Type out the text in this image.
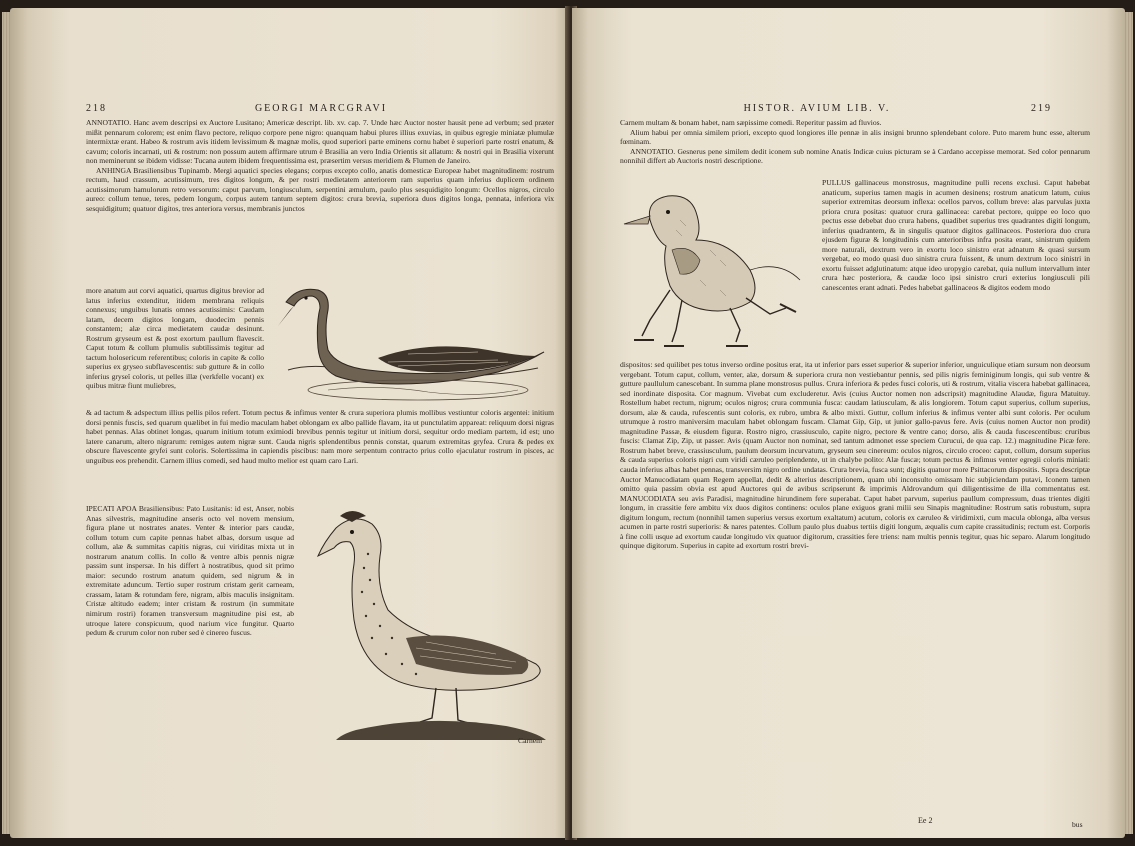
218	GEORGI MARCGRAVI

ANNOTATIO. Hanc avem descripsi ex Auctore Lusitano; Americæ descript. lib. xv. cap. 7. Unde hæc Auctor noster hausit pene ad verbum; sed præter mißit pennarum colorem; est enim flavo pectore, reliquo corpore pene nigro: quanquam habui plures illius exuvias, in quibus egregie miniatæ plumulæ intermixtæ erant. Habeo & rostrum avis itidem levissimum & magnæ molis, quod superiori parte eminens cornu habet è superiori parte rostri enatum, & cavum; coloris incarnati, uti & rostrum: non possum autem affirmare utrum è Brasilia an vero India Orientis sit allatum: & nostri qui in Brasilia vixerunt non meminerunt se ibidem vidisse: Tucana autem ibidem frequentissima est, præsertim versus meridiem & Flumen de Janeiro.

ANHINGA Brasiliensibus Tupinamb. Mergi aquatici species elegans; corpus excepto collo, anatis domesticæ Europeæ habet magnitudinem: rostrum rectum, haud crassum, acutissimum, tres digitos longum, & per rostri medietatem anteriorem ram superius quam inferius duplicem ordinem acutissimorum hamulorum retro versorum: caput parvum, longiusculum, serpentini æmulum, paulo plus sesquidigito longum: Ocellos nigros, circulo aureo: collum tenue, teres, pedem longum, corpus autem tantum septem digitos: crura brevia, superiora duos digitos longa, pennata, inferiora vix sesquidigitum; quatuor digitos, tres anteriora versus, membranis junctos

more anatum aut corvi aquatici, quartus digitus brevior ad latus inferius extenditur, itidem membrana reliquis connexus; unguibus lunatis omnes acutissimis: Caudam latam, decem digitos longam, duodecim pennis constantem; alæ circa medietatem caudæ desinunt. Rostrum gryseum est & post exortum paullum flavescit. Caput totum & collum plumulis subtilissimis tegitur ad tactum holosericum referentibus; coloris in capite & collo superius ex gryseo subflavescentis: sub gutture & in collo inferius gryseï coloris, ut pelles illæ (verkfelle vocant) ex quibus mitræ fiunt muliebres,

& ad tactum & adspectum illius pellis pilos refert. Totum pectus & infimus venter & crura superiora plumis mollibus vestiuntur coloris argentei: initium dorsi pennis fuscis, sed quarum quælibet in fui medio maculam habet oblongam ex albo pallide flavam, ita ut punctulatim appareat: reliquum dorsi nigras habet pennas. Alas obtinet longas, quarum initium totum eximiodi brevibus pennis tegitur ut initium dorsi, sequitur ordo mediam partem, id est; uno latere canarum, altero nigrarum: remiges autem nigræ sunt. Cauda nigris splendentibus pennis constat, quarum extremitas gryfea. Crura & pedes ex obscure flavescente gryfei sunt coloris. Solertissima in capiendis piscibus: nam more serpentum contracto prius collo ejaculatur rostrum in pisces, ac unguibus eos prehendit. Carnem illius comedi, sed haud multo melior est quam caro Lari.

IPECATI APOA Brasiliensibus: Pato Lusitanis: id est, Anser, nobis Anas silvestris, magnitudine anseris octo vel novem mensium, figura plane ut nostrates anates. Venter & interior pars caudæ, collum totum cum capite pennas habet albas, dorsum usque ad collum, alæ & summitas capitis nigras, cui viriditas mixta ut in nostrarum anatum collis. In collo & ventre albis pennis nigræ passim sunt inspersæ. In his differt à nostratibus, quod sit primo maior: secundo rostrum anatum quidem, sed nigrum & in extremitate aduncum. Tertio super rostrum cristam gerit carneam, crassam, latam & rotundam fere, nigram, albis maculis insignitam. Cristæ altitudo eadem; inter cristam & rostrum (in summitate nimirum rostri) foramen transversum magnitudine pisi est, ab utroque latere conspicuum, quod narium vice fungitur. Quarto pedum & crurum color non ruber sed è cinereo fuscus.

Carnem
HISTOR. AVIUM LIB. V.	219

Carnem multam & bonam habet, nam sæpissime comedi. Reperitur passim ad fluvios.

Alium habui per omnia similem priori, excepto quod longiores ille pennæ in alis insigni brunno splendebant colore. Puto marem hunc esse, alterum fœminam.

ANNOTATIO. Gesnerus pene similem dedit iconem sub nomine Anatis Indicæ cuius picturam se à Cardano accepisse memorat. Sed color pennarum nonnihil differt ab Auctoris nostri descriptione.

PULLUS gallinaceus monstrosus, magnitudine pulli recens exclusi. Caput habebat anaticum, superius tamen magis in acumen desinens; rostrum anaticum latum, cuius superior extremitas deorsum inflexa: ocellos parvos, collum breve: alas parvulas juxta priora crura positas: quatuor crura gallinacea: carebat pectore, quippe eo loco quo pectus esse debebat duo crura habens, quadibet superius tres quadrantes digiti longum, inferius quadrantem, & in singulis quatuor digitos gallinaceos. Posteriora duo crura ejusdem figuræ & longitudinis cum anterioribus infra posita erant, sinistrum quidem more naturali, dextrum vero in exortu loco sinistro erat adnatum & quasi sursum vergebat, eo modo quasi duo sinistra crura fuissent, & unum dextrum loco sinistri in exortu fuisset adglutinatum: atque ideo uropygio carebat, quia nullum intervallum inter crura hæc posteriora, & caudæ loco ipsi sinistro cruri exterius longiusculi pili canescentes erant adnati. Pedes habebat gallinaceos & digitos eodem modo

dispositos: sed quilibet pes totus inverso ordine positus erat, ita ut inferior pars esset superior & superior inferior, unguiculique etiam sursum non deorsum vergebant. Totum caput, collum, venter, alæ, dorsum & superiora crura non vestiebantur pennis, sed pilis nigris feminiginum longis, qui sub ventre & gutture paullulum canescebant. In summa plane monstrosus pullus. Crura inferiora & pedes fusci coloris, uti & rostrum, vitalia viscera habebat gallinacea, sed inordinate disposita. Cor magnum. Vivebat cum excluderetur. Avis (cuius Auctor nomen non adscripsit) magnitudine Alaudæ, figura Matuituy. Rostellum habet rectum, nigrum; oculos nigros; crura communia fusca: caudam latiusculam, & alis longiorem. Totum caput superius, collum superius, dorsum, alæ & cauda, rufescentis sunt coloris, ex rubro, umbra & albo mixti. Guttur, collum inferius & infimus venter albi sunt coloris. Per oculum utrumque à rostro maniversim maculam habet oblongam fuscam. Clamat Gip, Gip, ut junior gallo-pavus fere. Avis (cuius nomen Auctor non prodit) magnitudine Passæ, & eiusdem figuræ. Rostro nigro, crassiusculo, capite nigro, pectore & ventre cano; dorso, alis & cauda fuscescentibus: cruribus fuscis: Clamat Zip, Zip, ut passer. Avis (quam Auctor non nominat, sed tantum admonet esse speciem Curucui, de qua cap. 12.) magnitudine Picæ fere. Rostrum habet breve, crassiusculum, paulum deorsum incurvatum, gryseum seu cinereum: oculos nigros, circulo croceo: caput, collum, dorsum superius & cauda superius coloris nigri cum viridi cæruleo periplendente, ut in chalybe polito: Alæ fuscæ; totum pectus & infimus venter egregii coloris miniati: cauda inferius albas habet pennas, transversim nigro ordine undatas. Crura brevia, fusca sunt; digitis quatuor more Psittacorum dispositis. Supra descriptæ Auctor Manucodiatam quam Regem appellat, dedit & alterius descriptionem, quam ubi inconsulto omissam hic subjiciendam putavi, Iconem tamen omitto quia passim obvia est apud Auctores qui de avibus scripserunt & imprimis Aldrovandum qui diligentissime de illa commentatus est. MANUCODIATA seu avis Paradisi, magnitudine hirundinem fere superabat. Caput habet parvum, superius paullum compressum, duas trientes digiti longum, in crassitie fere ambitu vix duos digitos continens: oculos plane exiguos grani milii seu Sinapis magnitudine: Rostrum satis robustum, supra digitum longum, rectum (nonnihil tamen superius versus exortum exaltatum) acutum, coloris ex cæruleo & viridimixti, cum macula oblonga, alba versus acumen in parte rostri superioris: & nares patentes. Collum paulo plus duabus tertiis digiti longum, æqualis cum capite crassitudinis; rectum est. Corporis à fine colli usque ad exortum caudæ longitudo vix quatuor digitorum, crassities fere triens: nam multis pennis tegitur, quas hic separo. Alarum longitudo quinque digitorum. Superius in capite ad exortum rostri brevi-

Ee 2	bus
